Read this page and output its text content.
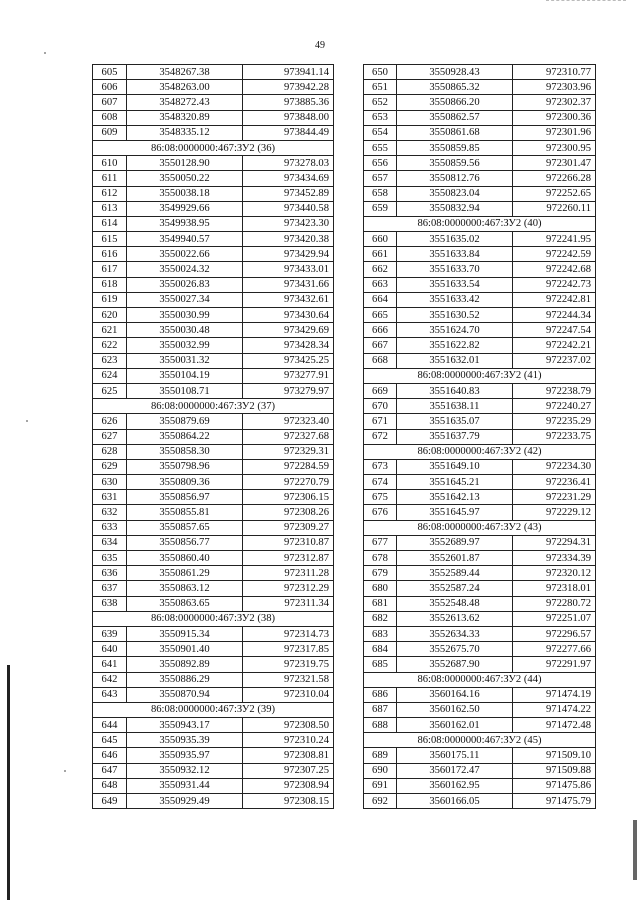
49
605	3548267.38	973941.14
606	3548263.00	973942.28
607	3548272.43	973885.36
608	3548320.89	973848.00
609	3548335.12	973844.49
86:08:0000000:467:ЗУ2 (36)		
610	3550128.90	973278.03
611	3550050.22	973434.69
612	3550038.18	973452.89
613	3549929.66	973440.58
614	3549938.95	973423.30
615	3549940.57	973420.38
616	3550022.66	973429.94
617	3550024.32	973433.01
618	3550026.83	973431.66
619	3550027.34	973432.61
620	3550030.99	973430.64
621	3550030.48	973429.69
622	3550032.99	973428.34
623	3550031.32	973425.25
624	3550104.19	973277.91
625	3550108.71	973279.97
86:08:0000000:467:ЗУ2 (37)		
626	3550879.69	972323.40
627	3550864.22	972327.68
628	3550858.30	972329.31
629	3550798.96	972284.59
630	3550809.36	972270.79
631	3550856.97	972306.15
632	3550855.81	972308.26
633	3550857.65	972309.27
634	3550856.77	972310.87
635	3550860.40	972312.87
636	3550861.29	972311.28
637	3550863.12	972312.29
638	3550863.65	972311.34
86:08:0000000:467:ЗУ2 (38)		
639	3550915.34	972314.73
640	3550901.40	972317.85
641	3550892.89	972319.75
642	3550886.29	972321.58
643	3550870.94	972310.04
86:08:0000000:467:ЗУ2 (39)		
644	3550943.17	972308.50
645	3550935.39	972310.24
646	3550935.97	972308.81
647	3550932.12	972307.25
648	3550931.44	972308.94
649	3550929.49	972308.15
650	3550928.43	972310.77
651	3550865.32	972303.96
652	3550866.20	972302.37
653	3550862.57	972300.36
654	3550861.68	972301.96
655	3550859.85	972300.95
656	3550859.56	972301.47
657	3550812.76	972266.28
658	3550823.04	972252.65
659	3550832.94	972260.11
86:08:0000000:467:ЗУ2 (40)		
660	3551635.02	972241.95
661	3551633.84	972242.59
662	3551633.70	972242.68
663	3551633.54	972242.73
664	3551633.42	972242.81
665	3551630.52	972244.34
666	3551624.70	972247.54
667	3551622.82	972242.21
668	3551632.01	972237.02
86:08:0000000:467:ЗУ2 (41)		
669	3551640.83	972238.79
670	3551638.11	972240.27
671	3551635.07	972235.29
672	3551637.79	972233.75
86:08:0000000:467:ЗУ2 (42)		
673	3551649.10	972234.30
674	3551645.21	972236.41
675	3551642.13	972231.29
676	3551645.97	972229.12
86:08:0000000:467:ЗУ2 (43)		
677	3552689.97	972294.31
678	3552601.87	972334.39
679	3552589.44	972320.12
680	3552587.24	972318.01
681	3552548.48	972280.72
682	3552613.62	972251.07
683	3552634.33	972296.57
684	3552675.70	972277.66
685	3552687.90	972291.97
86:08:0000000:467:ЗУ2 (44)		
686	3560164.16	971474.19
687	3560162.50	971474.22
688	3560162.01	971472.48
86:08:0000000:467:ЗУ2 (45)		
689	3560175.11	971509.10
690	3560172.47	971509.88
691	3560162.95	971475.86
692	3560166.05	971475.79
